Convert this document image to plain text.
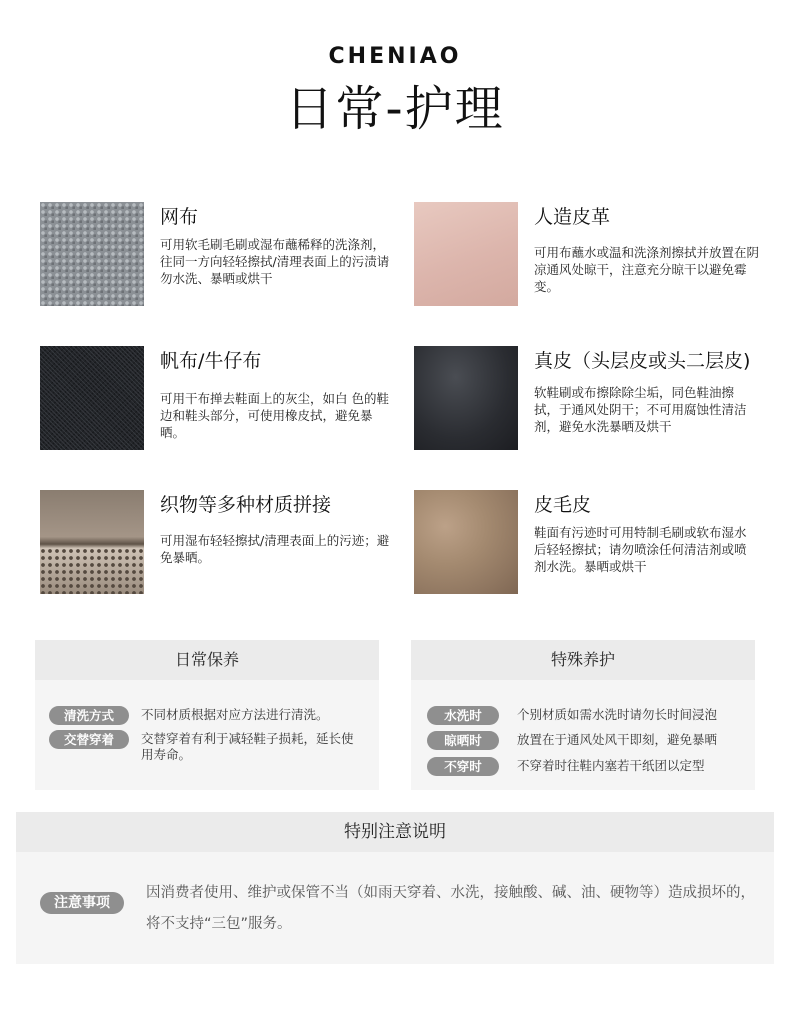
CHENIAO
日常-护理
网布
可用软毛刷毛刷或湿布蘸稀释的洗涤剂，往同一方向轻轻擦拭/清理表面上的污渍请勿水洗、暴晒或烘干
人造皮革
可用布蘸水或温和洗涤剂擦拭并放置在阴凉通风处晾干，注意充分晾干以避免霉变。
帆布/牛仔布
可用干布掸去鞋面上的灰尘，如白 色的鞋边和鞋头部分，可使用橡皮拭，避免暴晒。
真皮（头层皮或头二层皮)
软鞋刷或布擦除除尘垢，同色鞋油擦拭，于通风处阴干；不可用腐蚀性清洁剂，避免水洗暴晒及烘干
织物等多种材质拼接
可用湿布轻轻擦拭/清理表面上的污迹；避免暴晒。
皮毛皮
鞋面有污迹时可用特制毛刷或软布湿水后轻轻擦拭；请勿喷涂任何清洁剂或喷剂水洗。暴晒或烘干
日常保养
清洗方式	不同材质根据对应方法进行清洗。
交替穿着	交替穿着有利于减轻鞋子损耗，延长使用寿命。
特殊养护
水洗时	个别材质如需水洗时请勿长时间浸泡
晾晒时	放置在于通风处风干即刻，避免暴晒
不穿时	不穿着时往鞋内塞若干纸团以定型
特别注意说明
注意事项
因消费者使用、维护或保管不当（如雨天穿着、水洗，接触酸、碱、油、硬物等）造成损坏的，将不支持“三包”服务。
